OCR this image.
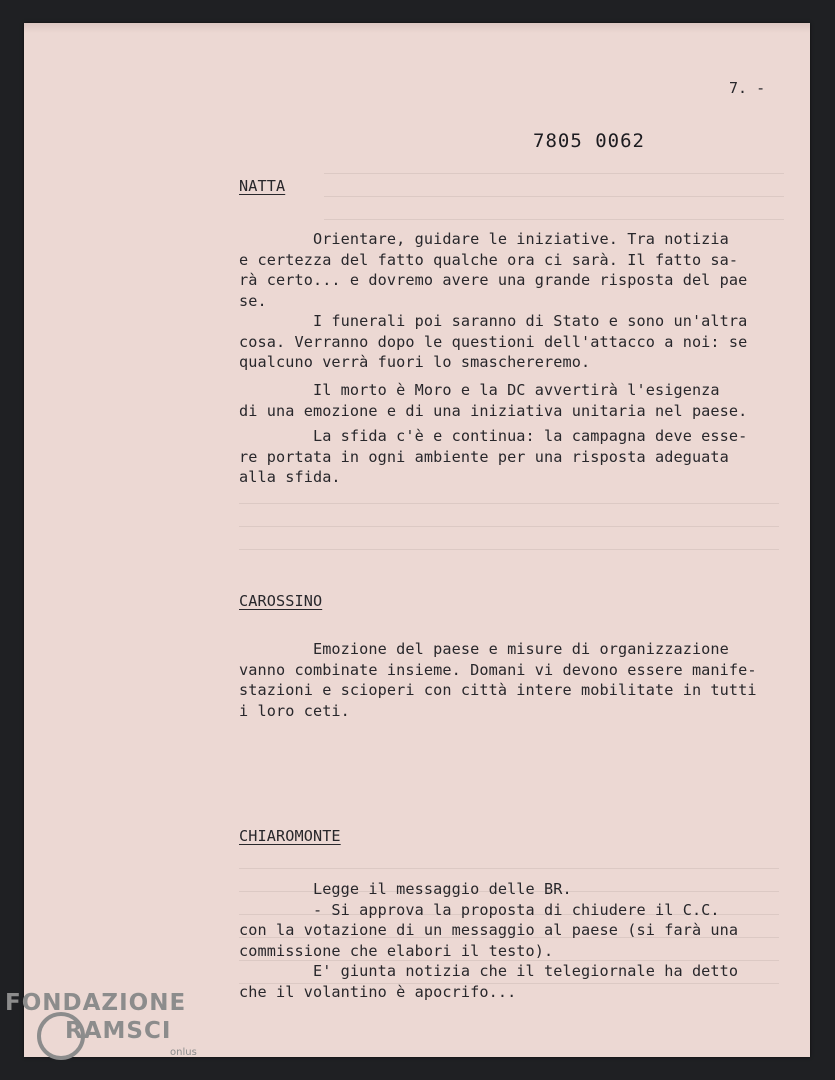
7. -
7805 0062
NATTA
Orientare, guidare le iniziative. Tra notizia
e certezza del fatto qualche ora ci sarà. Il fatto sa-
rà certo... e dovremo avere una grande risposta del pae
se.
I funerali poi saranno di Stato e sono un'altra
cosa. Verranno dopo le questioni dell'attacco a noi: se
qualcuno verrà fuori lo smaschereremo.
Il morto è Moro e la DC avvertirà l'esigenza
di una emozione e di una iniziativa unitaria nel paese.
La sfida c'è e continua: la campagna deve esse-
re portata in ogni ambiente per una risposta adeguata
alla sfida.
CAROSSINO
Emozione del paese e misure di organizzazione
vanno combinate insieme. Domani vi devono essere manife-
stazioni e scioperi con città intere mobilitate in tutti
i loro ceti.
CHIAROMONTE
Legge il messaggio delle BR.
- Si approva la proposta di chiudere il C.C.
con la votazione di un messaggio al paese (si farà una
commissione che elabori il testo).
E' giunta notizia che il telegiornale ha detto
che il volantino è apocrifo...
FONDAZIONE
RAMSCI
onlus
